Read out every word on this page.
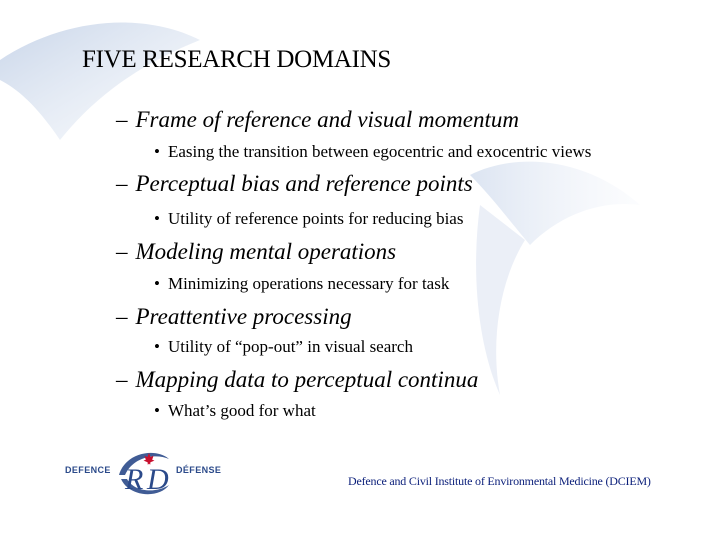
FIVE RESEARCH DOMAINS
– Frame of reference and visual momentum
• Easing the transition between egocentric and exocentric views
– Perceptual bias and reference points
• Utility of reference points for reducing bias
– Modeling mental operations
• Minimizing operations necessary for task
– Preattentive processing
• Utility of “pop-out” in visual search
– Mapping data to perceptual continua
• What’s good for what
DEFENCE R D DÉFENSE
Defence and Civil Institute of Environmental Medicine (DCIEM)
